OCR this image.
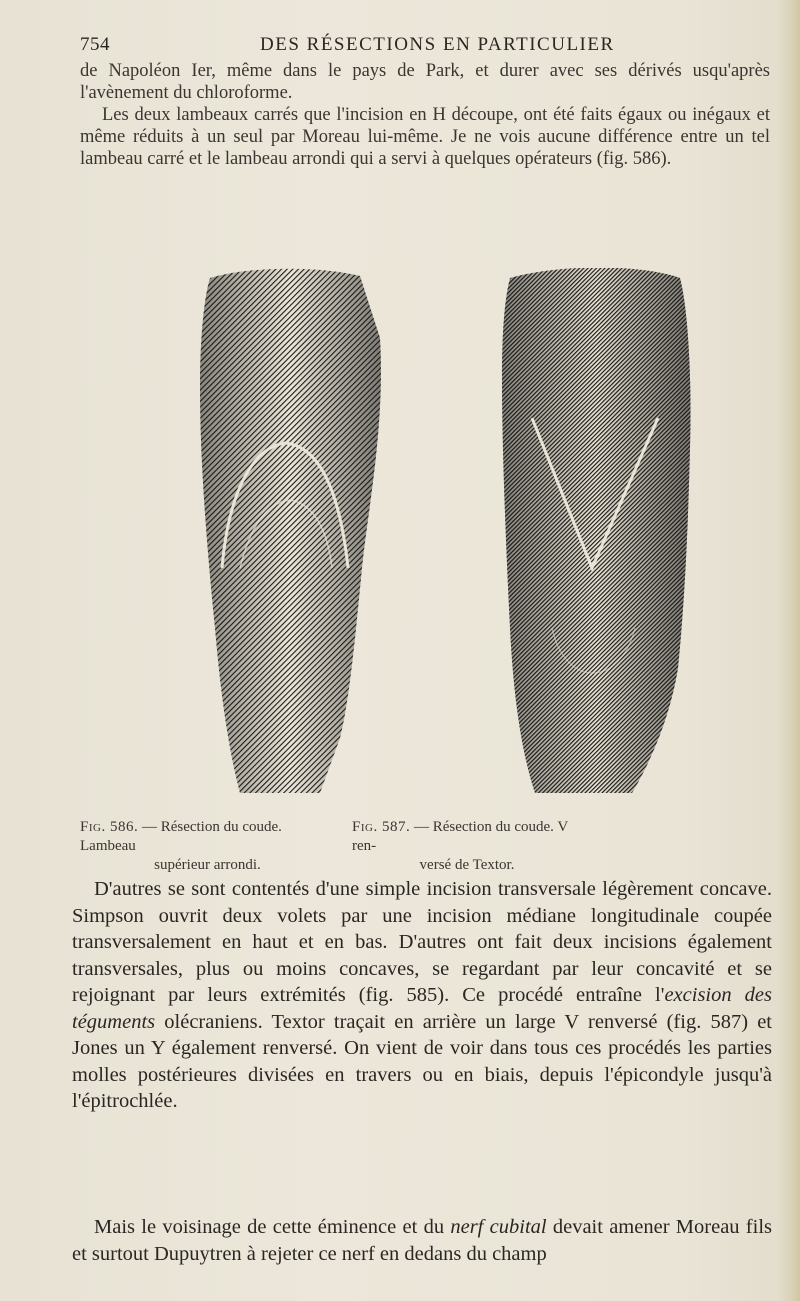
754	DES RÉSECTIONS EN PARTICULIER

de Napoléon Ier, même dans le pays de Park, et durer avec ses dérivés usqu'après l'avènement du chloroforme.

Les deux lambeaux carrés que l'incision en H découpe, ont été faits égaux ou inégaux et même réduits à un seul par Moreau lui-même. Je ne vois aucune différence entre un tel lambeau carré et le lambeau arrondi qui a servi à quelques opérateurs (fig. 586).

Fig. 586. — Résection du coude. Lambeau
supérieur arrondi.
Fig. 587. — Résection du coude. V ren-
versé de Textor.

D'autres se sont contentés d'une simple incision transversale légèrement concave. Simpson ouvrit deux volets par une incision médiane longitudinale coupée transversalement en haut et en bas. D'autres ont fait deux incisions également transversales, plus ou moins concaves, se regardant par leur concavité et se rejoignant par leurs extrémités (fig. 585). Ce procédé entraîne l'excision des téguments olécraniens. Textor traçait en arrière un large V renversé (fig. 587) et Jones un Y également renversé. On vient de voir dans tous ces procédés les parties molles postérieures divisées en travers ou en biais, depuis l'épicondyle jusqu'à l'épitrochlée.

Mais le voisinage de cette éminence et du nerf cubital devait amener Moreau fils et surtout Dupuytren à rejeter ce nerf en dedans du champ
